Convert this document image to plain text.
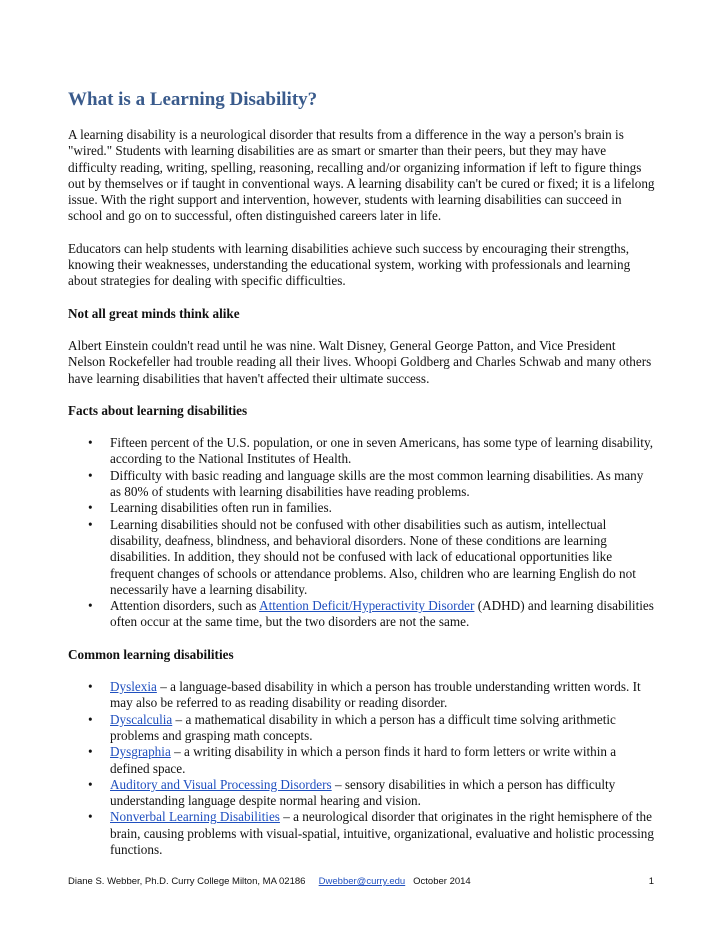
What is a Learning Disability?

A learning disability is a neurological disorder that results from a difference in the way a person's brain is "wired." Students with learning disabilities are as smart or smarter than their peers, but they may have difficulty reading, writing, spelling, reasoning, recalling and/or organizing information if left to figure things out by themselves or if taught in conventional ways. A learning disability can't be cured or fixed; it is a lifelong issue. With the right support and intervention, however, students with learning disabilities can succeed in school and go on to successful, often distinguished careers later in life.

Educators can help students with learning disabilities achieve such success by encouraging their strengths, knowing their weaknesses, understanding the educational system, working with professionals and learning about strategies for dealing with specific difficulties.

Not all great minds think alike

Albert Einstein couldn't read until he was nine. Walt Disney, General George Patton, and Vice President Nelson Rockefeller had trouble reading all their lives. Whoopi Goldberg and Charles Schwab and many others have learning disabilities that haven't affected their ultimate success.

Facts about learning disabilities

• Fifteen percent of the U.S. population, or one in seven Americans, has some type of learning disability, according to the National Institutes of Health.
• Difficulty with basic reading and language skills are the most common learning disabilities. As many as 80% of students with learning disabilities have reading problems.
• Learning disabilities often run in families.
• Learning disabilities should not be confused with other disabilities such as autism, intellectual disability, deafness, blindness, and behavioral disorders. None of these conditions are learning disabilities. In addition, they should not be confused with lack of educational opportunities like frequent changes of schools or attendance problems. Also, children who are learning English do not necessarily have a learning disability.
• Attention disorders, such as Attention Deficit/Hyperactivity Disorder (ADHD) and learning disabilities often occur at the same time, but the two disorders are not the same.

Common learning disabilities

• Dyslexia – a language-based disability in which a person has trouble understanding written words. It may also be referred to as reading disability or reading disorder.
• Dyscalculia – a mathematical disability in which a person has a difficult time solving arithmetic problems and grasping math concepts.
• Dysgraphia – a writing disability in which a person finds it hard to form letters or write within a defined space.
• Auditory and Visual Processing Disorders – sensory disabilities in which a person has difficulty understanding language despite normal hearing and vision.
• Nonverbal Learning Disabilities – a neurological disorder that originates in the right hemisphere of the brain, causing problems with visual-spatial, intuitive, organizational, evaluative and holistic processing functions.
Diane S. Webber, Ph.D. Curry College Milton, MA 02186 Dwebber@curry.edu October 2014	1
